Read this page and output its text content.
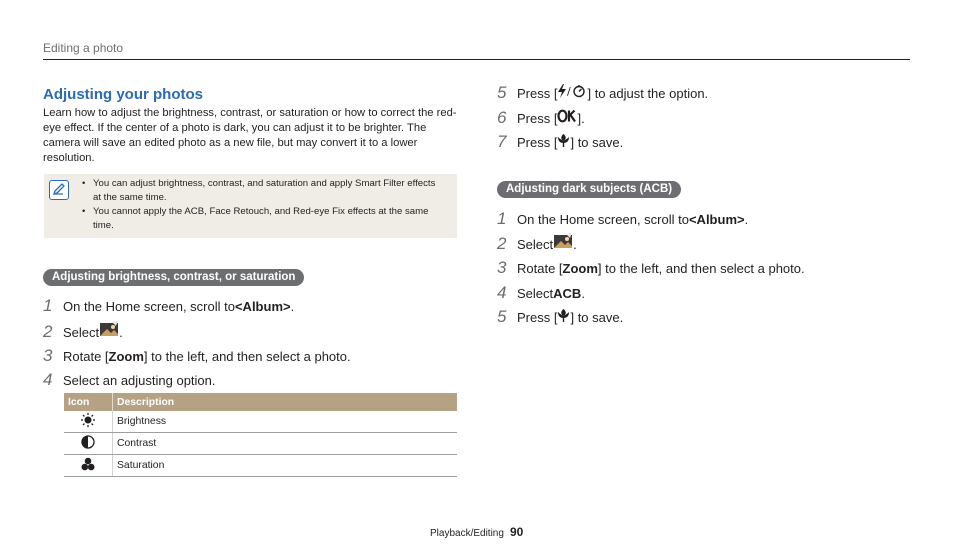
Editing a photo
Adjusting your photos
Learn how to adjust the brightness, contrast, or saturation or how to correct the red-eye effect. If the center of a photo is dark, you can adjust it to be brighter. The camera will save an edited photo as a new file, but may convert it to a lower resolution.
• You can adjust brightness, contrast, and saturation and apply Smart Filter effects at the same time.
• You cannot apply the ACB, Face Retouch, and Red-eye Fix effects at the same time.
Adjusting brightness, contrast, or saturation
1 On the Home screen, scroll to <Album> .
2 Select .
3 Rotate [ Zoom ] to the left, and then select a photo.
4 Select an adjusting option.
Icon	Description
	Brightness
	Contrast
	Saturation
5 Press [ / ] to adjust the option.
6 Press [ ].
7 Press [ ] to save.
Adjusting dark subjects (ACB)
1 On the Home screen, scroll to <Album> .
2 Select .
3 Rotate [ Zoom ] to the left, and then select a photo.
4 Select ACB .
5 Press [ ] to save.
Playback/Editing 90
